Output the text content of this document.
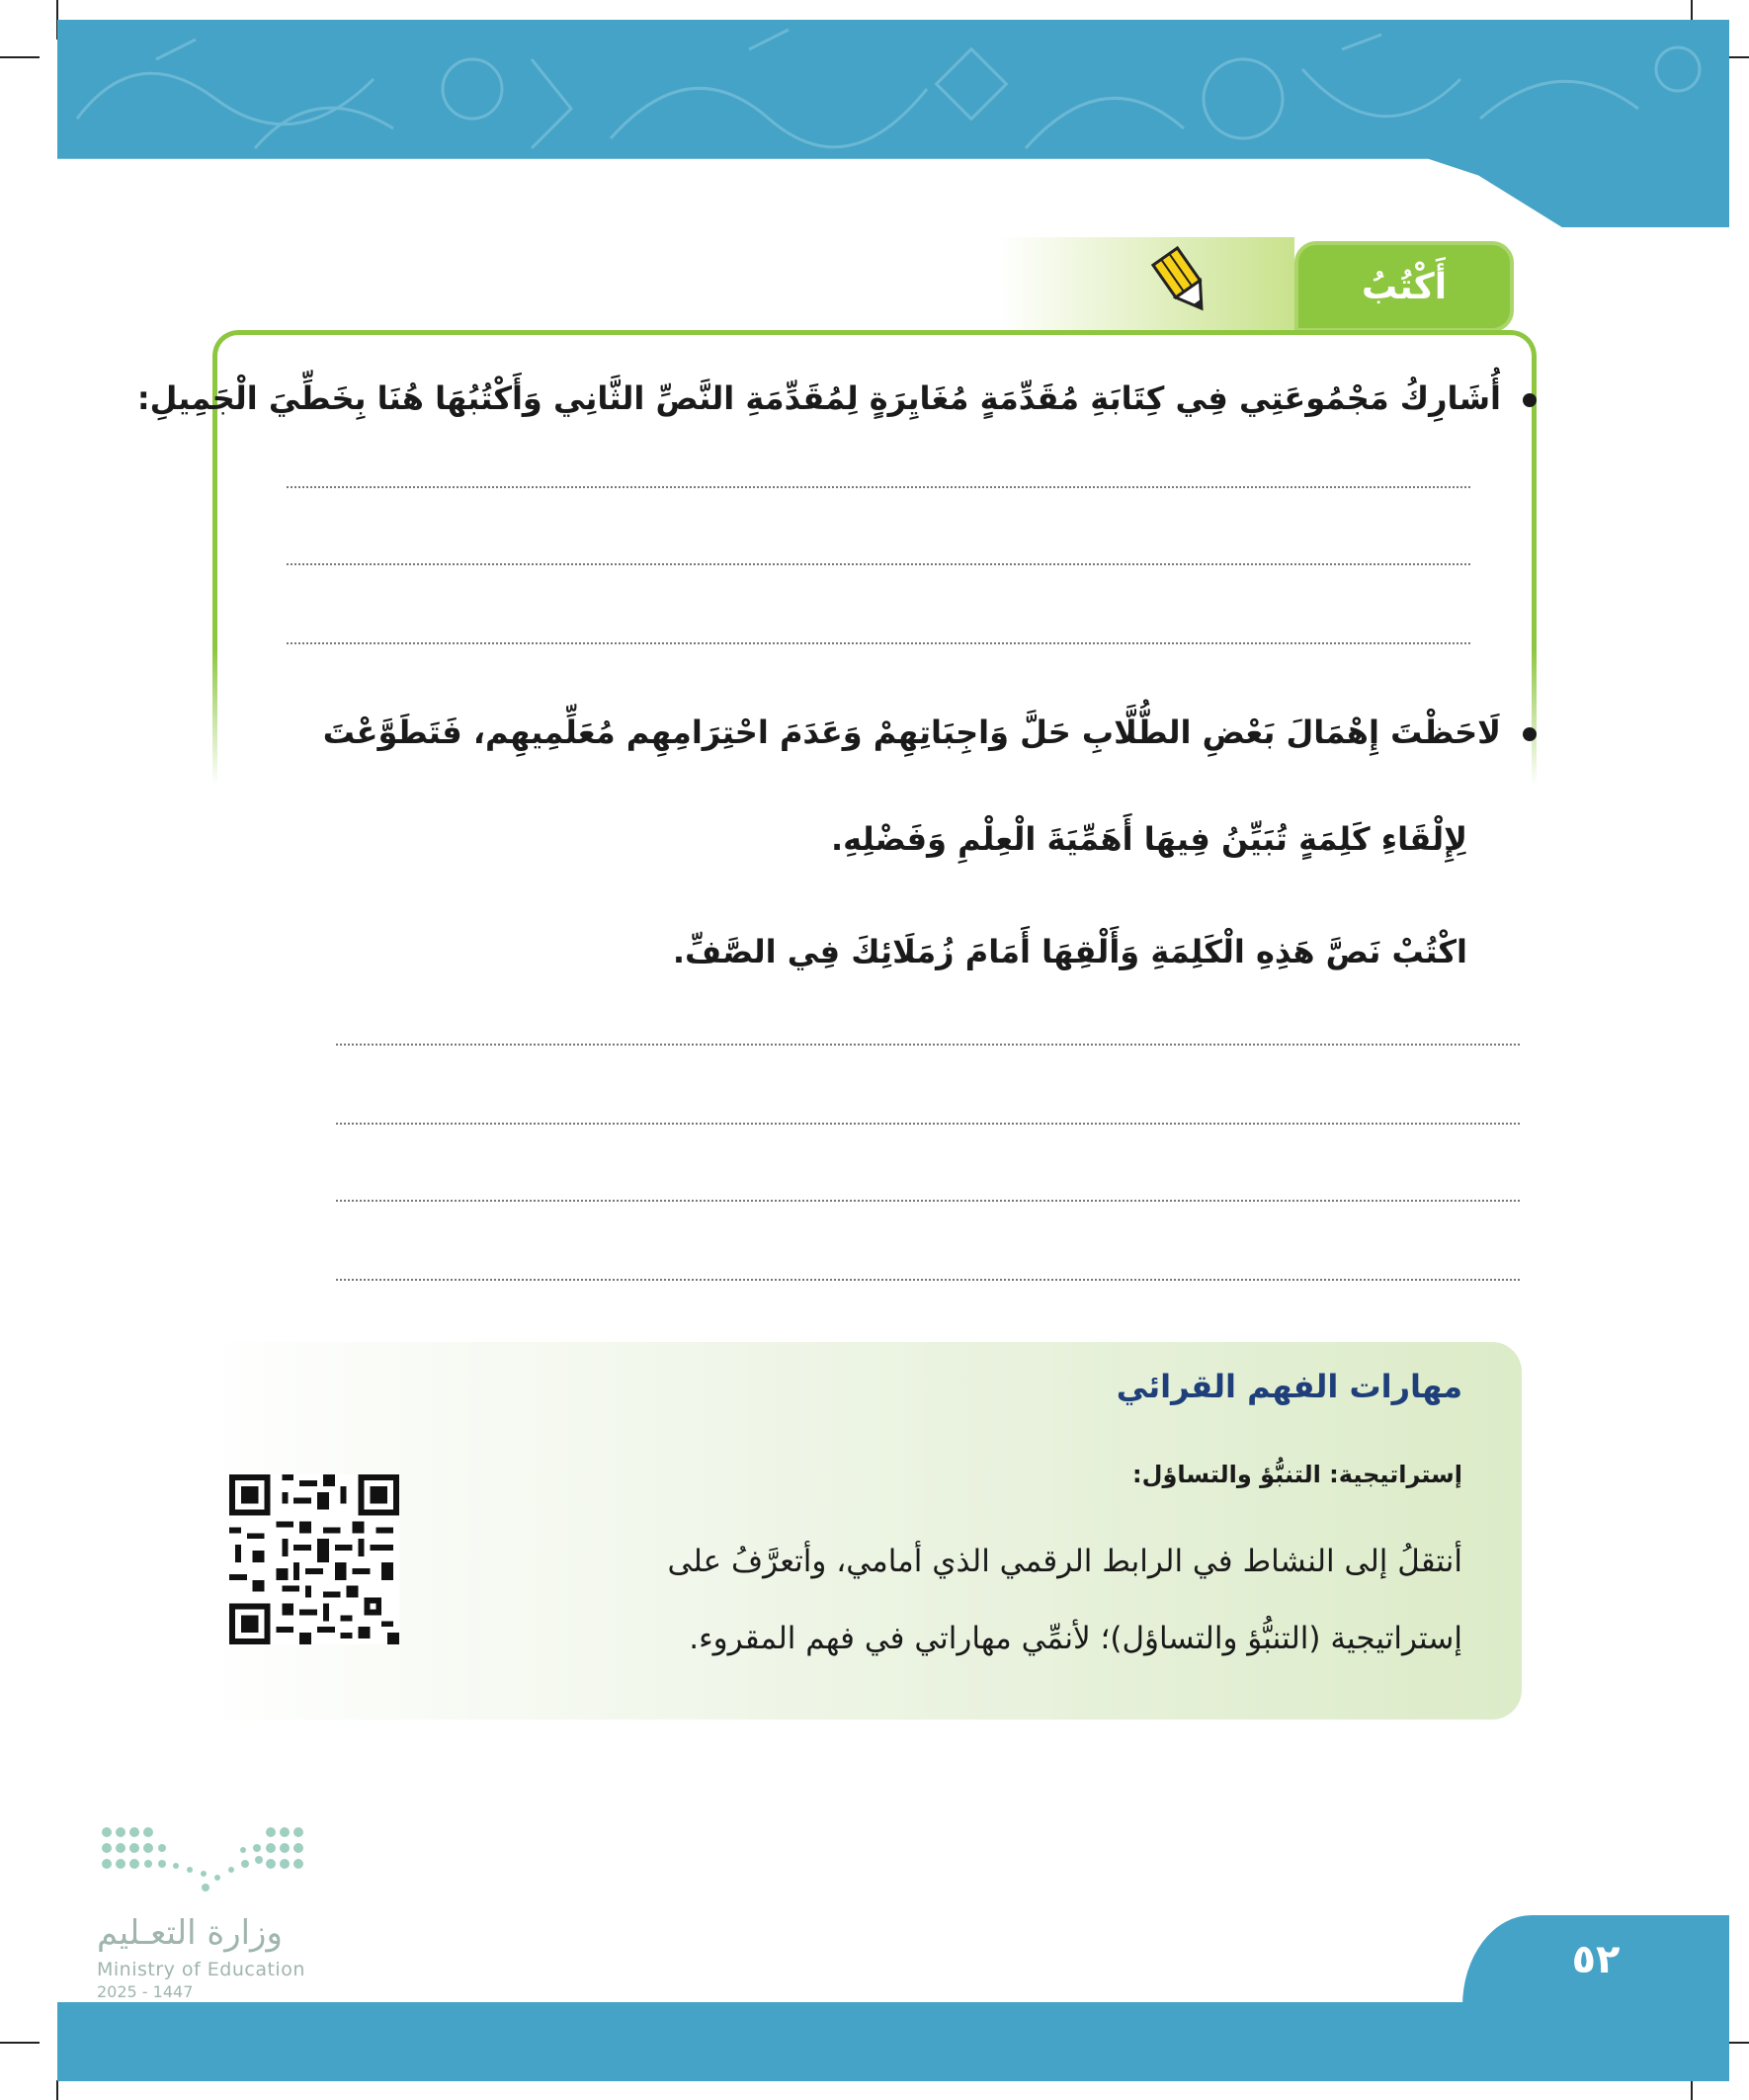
أَكْتُبُ
أُشَارِكُ مَجْمُوعَتِي فِي كِتَابَةِ مُقَدِّمَةٍ مُغَايِرَةٍ لِمُقَدِّمَةِ النَّصِّ الثَّانِي وَأَكْتُبُهَا هُنَا بِخَطِّيَ الْجَمِيلِ:
لَاحَظْتَ إِهْمَالَ بَعْضِ الطُّلَّابِ حَلَّ وَاجِبَاتِهِمْ وَعَدَمَ احْتِرَامِهِم مُعَلِّمِيهِم، فَتَطَوَّعْتَ
لِإِلْقَاءِ كَلِمَةٍ تُبَيِّنُ فِيهَا أَهَمِّيَةَ الْعِلْمِ وَفَضْلِهِ.
اكْتُبْ نَصَّ هَذِهِ الْكَلِمَةِ وَأَلْقِهَا أَمَامَ زُمَلَائِكَ فِي الصَّفِّ.
مهارات الفهم القرائي
إستراتيجية: التنبُّؤ والتساؤل:
أنتقلُ إلى النشاط في الرابط الرقمي الذي أمامي، وأتعرَّفُ على
إستراتيجية (التنبُّؤ والتساؤل)؛ لأنمِّي مهاراتي في فهم المقروء.
وزارة التعـليم
Ministry of Education
2025 - 1447
٥٢
